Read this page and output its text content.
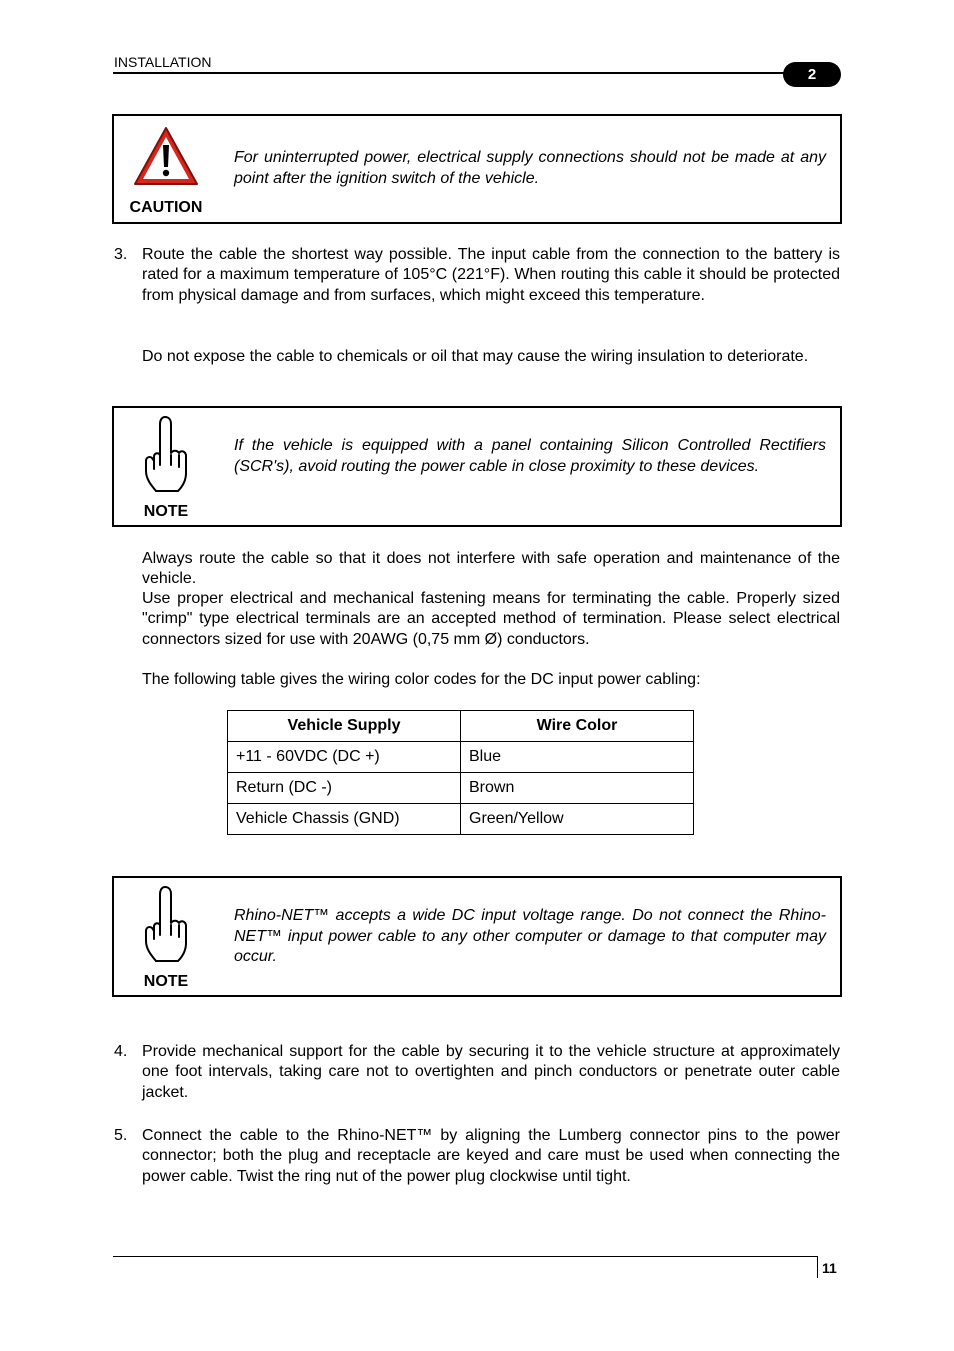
INSTALLATION
2
CAUTION
For uninterrupted power, electrical supply connections should not be made at any point after the ignition switch of the vehicle.
3. Route the cable the shortest way possible. The input cable from the connection to the battery is rated for a maximum temperature of 105°C (221°F). When routing this cable it should be protected from physical damage and from surfaces, which might exceed this temperature.
Do not expose the cable to chemicals or oil that may cause the wiring insulation to deteriorate.
NOTE
If the vehicle is equipped with a panel containing Silicon Controlled Rectifiers (SCR's), avoid routing the power cable in close proximity to these devices.
Always route the cable so that it does not interfere with safe operation and maintenance of the vehicle.
Use proper electrical and mechanical fastening means for terminating the cable. Properly sized "crimp" type electrical terminals are an accepted method of termination. Please select electrical connectors sized for use with 20AWG (0,75 mm Ø) conductors.
The following table gives the wiring color codes for the DC input power cabling:
Vehicle Supply	Wire Color
+11 - 60VDC (DC +)	Blue
Return (DC -)	Brown
Vehicle Chassis (GND)	Green/Yellow
NOTE
Rhino-NET™ accepts a wide DC input voltage range. Do not connect the Rhino-NET™ input power cable to any other computer or damage to that computer may occur.
4. Provide mechanical support for the cable by securing it to the vehicle structure at approximately one foot intervals, taking care not to overtighten and pinch conductors or penetrate outer cable jacket.
5. Connect the cable to the Rhino-NET™ by aligning the Lumberg connector pins to the power connector; both the plug and receptacle are keyed and care must be used when connecting the power cable. Twist the ring nut of the power plug clockwise until tight.
11
